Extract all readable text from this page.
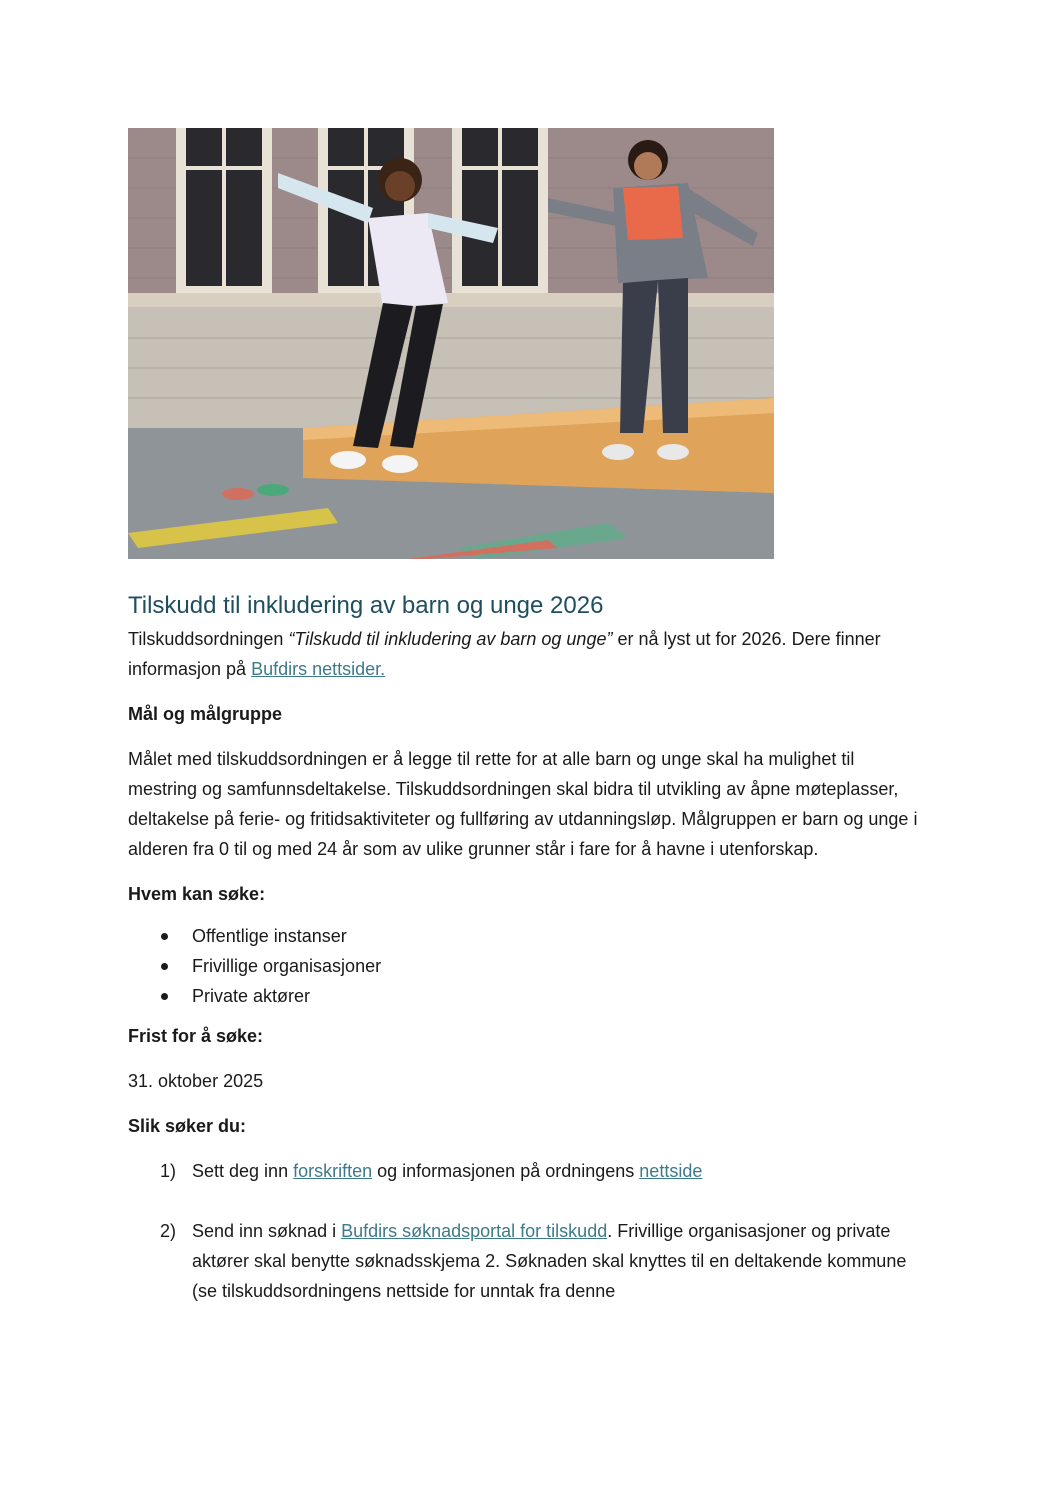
Tilskudd til inkludering av barn og unge 2026

Tilskuddsordningen “Tilskudd til inkludering av barn og unge” er nå lyst ut for 2026. Dere finner informasjon på Bufdirs nettsider.

Mål og målgruppe

Målet med tilskuddsordningen er å legge til rette for at alle barn og unge skal ha mulighet til mestring og samfunnsdeltakelse. Tilskuddsordningen skal bidra til utvikling av åpne møteplasser, deltakelse på ferie- og fritidsaktiviteter og fullføring av utdanningsløp. Målgruppen er barn og unge i alderen fra 0 til og med 24 år som av ulike grunner står i fare for å havne i utenforskap.

Hvem kan søke:

Offentlige instanser
Frivillige organisasjoner
Private aktører

Frist for å søke:

31. oktober 2025

Slik søker du:

1) Sett deg inn forskriften og informasjonen på ordningens nettside
2) Send inn søknad i Bufdirs søknadsportal for tilskudd. Frivillige organisasjoner og private aktører skal benytte søknadsskjema 2. Søknaden skal knyttes til en deltakende kommune (se tilskuddsordningens nettside for unntak fra denne
